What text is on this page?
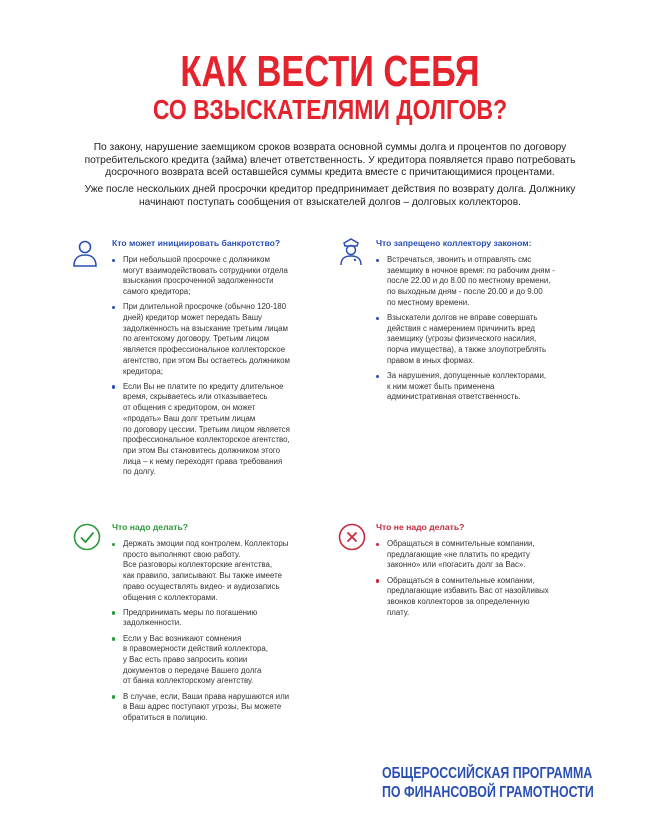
КАК ВЕСТИ СЕБЯ
СО ВЗЫСКАТЕЛЯМИ ДОЛГОВ?
По закону, нарушение заемщиком сроков возврата основной суммы долга и процентов по договору потребительского кредита (займа) влечет ответственность. У кредитора появляется право потребовать досрочного возврата всей оставшейся суммы кредита вместе с причитающимися процентами.
Уже после нескольких дней просрочки кредитор предпринимает действия по возврату долга. Должнику начинают поступать сообщения от взыскателей долгов – долговых коллекторов.
Кто может инициировать банкротство?
При небольшой просрочке с должником
могут взаимодействовать сотрудники отдела
взыскания просроченной задолженности
самого кредитора;
При длительной просрочке (обычно 120-180
дней) кредитор может передать Вашу
задолженность на взыскание третьим лицам
по агентскому договору. Третьим лицом
является профессиональное коллекторское
агентство, при этом Вы остаетесь должником
кредитора;
Если Вы не платите по кредиту длительное
время, скрываетесь или отказываетесь
от общения с кредитором, он может
«продать» Ваш долг третьим лицам
по договору цессии. Третьим лицом является
профессиональное коллекторское агентство,
при этом Вы становитесь должником этого
лица – к нему переходят права требования
по долгу.
Что запрещено коллектору законом:
Встречаться, звонить и отправлять смс
заемщику в ночное время: по рабочим дням -
после 22.00 и до 8.00 по местному времени,
по выходным дням - после 20.00 и до 9.00
по местному времени.
Взыскатели долгов не вправе совершать
действия с намерением причинить вред
заемщику (угрозы физического насилия,
порча имущества), а также злоупотреблять
правом в иных формах.
За нарушения, допущенные коллекторами,
к ним может быть применена
административная ответственность.
Что надо делать?
Держать эмоции под контролем. Коллекторы
просто выполняют свою работу.
Все разговоры коллекторские агентства,
как правило, записывают. Вы также имеете
право осуществлять видео- и аудиозапись
общения с коллекторами.
Предпринимать меры по погашению
задолженности.
Если у Вас возникают сомнения
в правомерности действий коллектора,
у Вас есть право запросить копии
документов о передаче Вашего долга
от банка коллекторскому агентству.
В случае, если, Ваши права нарушаются или
в Ваш адрес поступают угрозы, Вы можете
обратиться в полицию.
Что не надо делать?
Обращаться в сомнительные компании,
предлагающие «не платить по кредиту
законно» или «погасить долг за Вас».
Обращаться в сомнительные компании,
предлагающие избавить Вас от назойливых
звонков коллекторов за определенную
плату.
ОБЩЕРОССИЙСКАЯ ПРОГРАММА
ПО ФИНАНСОВОЙ ГРАМОТНОСТИ
